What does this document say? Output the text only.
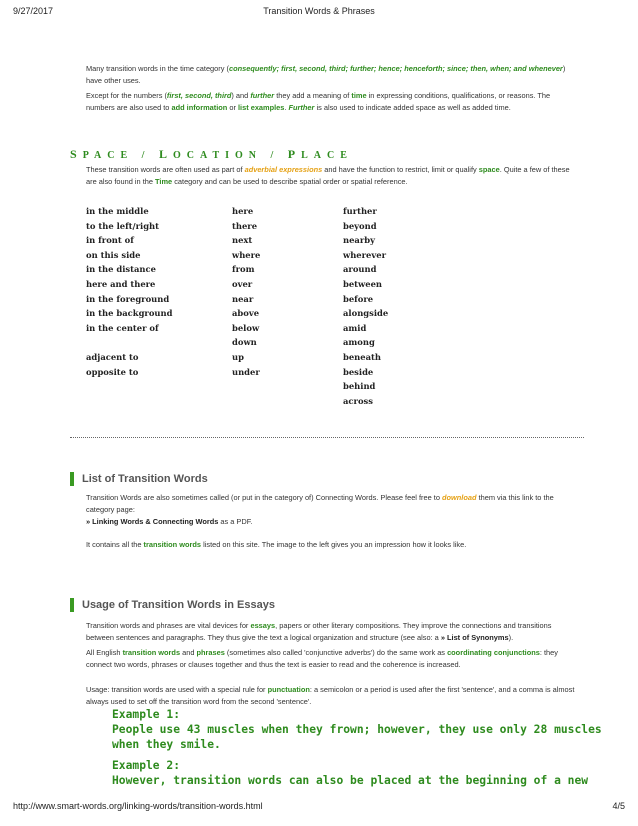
9/27/2017	Transition Words & Phrases
Many transition words in the time category (consequently; first, second, third; further; hence; henceforth; since; then, when; and whenever) have other uses.
Except for the numbers (first, second, third) and further they add a meaning of time in expressing conditions, qualifications, or reasons. The numbers are also used to add information or list examples. Further is also used to indicate added space as well as added time.
SPACE / LOCATION / PLACE
These transition words are often used as part of adverbial expressions and have the function to restrict, limit or qualify space. Quite a few of these are also found in the Time category and can be used to describe spatial order or spatial reference.
in the middle
to the left/right
in front of
on this side
in the distance
here and there
in the foreground
in the background
in the center of
adjacent to
opposite to
here
there
next
where
from
over
near
above
below
down
up
under
further
beyond
nearby
wherever
around
between
before
alongside
amid
among
beneath
beside
behind
across
List of Transition Words
Transition Words are also sometimes called (or put in the category of) Connecting Words. Please feel free to download them via this link to the category page:
» Linking Words & Connecting Words as a PDF.
It contains all the transition words listed on this site. The image to the left gives you an impression how it looks like.
Usage of Transition Words in Essays
Transition words and phrases are vital devices for essays, papers or other literary compositions. They improve the connections and transitions between sentences and paragraphs. They thus give the text a logical organization and structure (see also: a » List of Synonyms).
All English transition words and phrases (sometimes also called 'conjunctive adverbs') do the same work as coordinating conjunctions: they connect two words, phrases or clauses together and thus the text is easier to read and the coherence is increased.
Usage: transition words are used with a special rule for punctuation: a semicolon or a period is used after the first 'sentence', and a comma is almost always used to set off the transition word from the second 'sentence'.
Example 1:
People use 43 muscles when they frown; however, they use only 28 muscles
when they smile.
Example 2:
However, transition words can also be placed at the beginning of a new
http://www.smart-words.org/linking-words/transition-words.html	4/5
